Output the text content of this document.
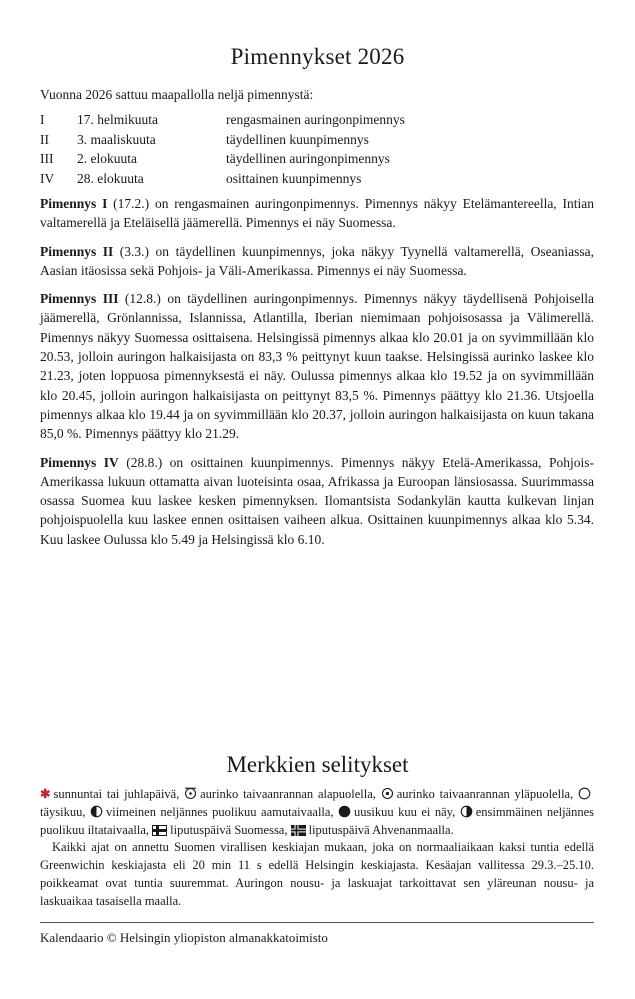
Pimennykset 2026
Vuonna 2026 sattuu maapallolla neljä pimennystä:
I 17. helmikuuta	rengasmainen auringonpimennys
II 3. maaliskuuta	täydellinen kuunpimennys
III 2. elokuuta	täydellinen auringonpimennys
IV 28. elokuuta	osittainen kuunpimennys

Pimennys I (17.2.) on rengasmainen auringonpimennys. Pimennys näkyy Etelämantereella, Intian valtamerellä ja Eteläisellä jäämerellä. Pimennys ei näy Suomessa.

Pimennys II (3.3.) on täydellinen kuunpimennys, joka näkyy Tyynellä valtamerellä, Oseaniassa, Aasian itäosissa sekä Pohjois- ja Väli-Amerikassa. Pimennys ei näy Suomessa.

Pimennys III (12.8.) on täydellinen auringonpimennys. Pimennys näkyy täydellisenä Pohjoisella jäämerellä, Grönlannissa, Islannissa, Atlantilla, Iberian niemimaan pohjoisosassa ja Välimerellä. Pimennys näkyy Suomessa osittaisena. Helsingissä pimennys alkaa klo 20.01 ja on syvimmillään klo 20.53, jolloin auringon halkaisijasta on 83,3 % peittynyt kuun taakse. Helsingissä aurinko laskee klo 21.23, joten loppuosa pimennyksestä ei näy. Oulussa pimennys alkaa klo 19.52 ja on syvimmillään klo 20.45, jolloin auringon halkaisijasta on peittynyt 83,5 %. Pimennys päättyy klo 21.36. Utsjoella pimennys alkaa klo 19.44 ja on syvimmillään klo 20.37, jolloin auringon halkaisijasta on kuun takana 85,0 %. Pimennys päättyy klo 21.29.

Pimennys IV (28.8.) on osittainen kuunpimennys. Pimennys näkyy Etelä-Amerikassa, Pohjois-Amerikassa lukuun ottamatta aivan luoteisinta osaa, Afrikassa ja Euroopan länsiosassa. Suurimmassa osassa Suomea kuu laskee kesken pimennyksen. Ilomantsista Sodankylän kautta kulkevan linjan pohjoispuolella kuu laskee ennen osittaisen vaiheen alkua. Osittainen kuunpimennys alkaa klo 5.34. Kuu laskee Oulussa klo 5.49 ja Helsingissä klo 6.10.

Merkkien selitykset

✱ sunnuntai tai juhlapäivä, aurinko taivaanrannan alapuolella, aurinko taivaanrannan yläpuolella, täysikuu, viimeinen neljännes puolikuu aamutaivaalla, uusikuu kuu ei näy, ensimmäinen neljännes puolikuu iltataivaalla, liputuspäivä Suomessa, liputuspäivä Ahvenanmaalla.

Kaikki ajat on annettu Suomen virallisen keskiajan mukaan, joka on normaaliaikaan kaksi tuntia edellä Greenwichin keskiajasta eli 20 min 11 s edellä Helsingin keskiajasta. Kesäajan vallitessa 29.3.–25.10. poikkeamat ovat tuntia suuremmat. Auringon nousu- ja laskuajat tarkoittavat sen yläreunan nousu- ja laskuaikaa tasaisella maalla.

Kalendaario © Helsingin yliopiston almanakkatoimisto
